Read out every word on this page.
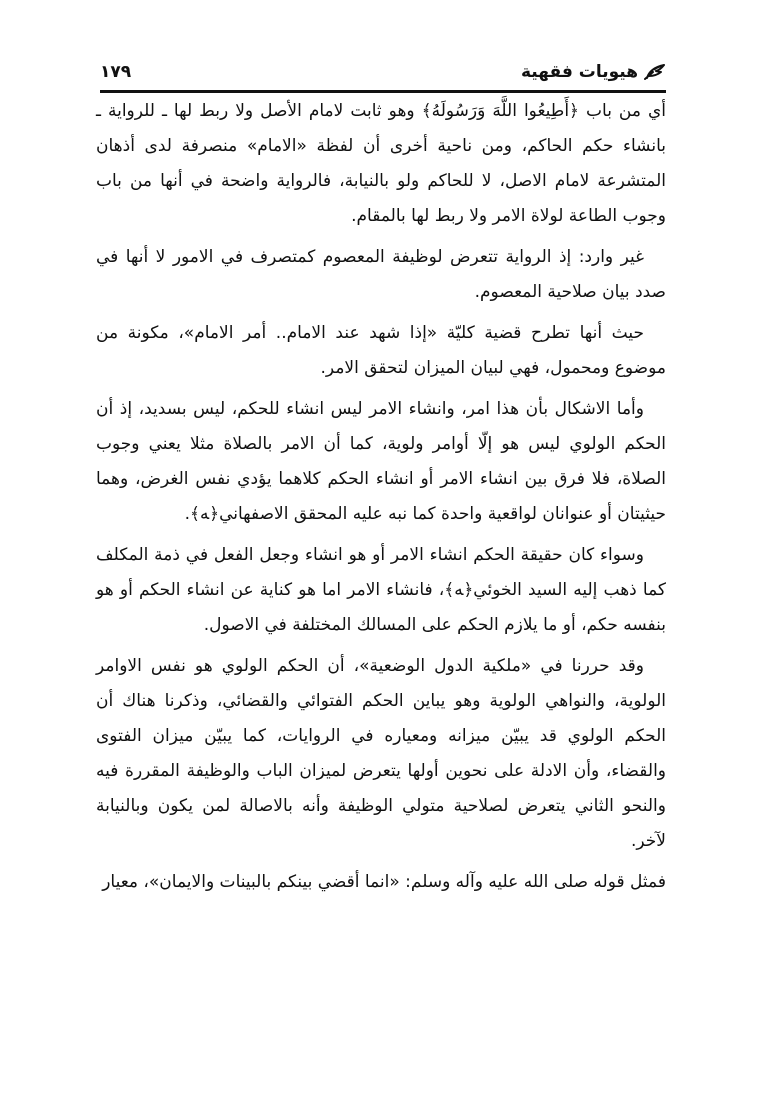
هيويات فقهية
١٧٩

أي من باب ﴿أَطِيعُوا اللَّهَ وَرَسُولَهُ﴾ وهو ثابت لامام الأصل ولا ربط لها ـ للرواية ـ بانشاء حكم الحاكم، ومن ناحية أخرى أن لفظة «الامام» منصرفة لدى أذهان المتشرعة لامام الاصل، لا للحاكم ولو بالنيابة، فالرواية واضحة في أنها من باب وجوب الطاعة لولاة الامر ولا ربط لها بالمقام.

غير وارد: إذ الرواية تتعرض لوظيفة المعصوم كمتصرف في الامور لا أنها في صدد بيان صلاحية المعصوم.

حيث أنها تطرح قضية كليّة «إذا شهد عند الامام.. أمر الامام»، مكونة من موضوع ومحمول، فهي لبيان الميزان لتحقق الامر.

وأما الاشكال بأن هذا امر، وانشاء الامر ليس انشاء للحكم، ليس بسديد، إذ أن الحكم الولوي ليس هو إلّا أوامر ولوية، كما أن الامر بالصلاة مثلا يعني وجوب الصلاة، فلا فرق بين انشاء الامر أو انشاء الحكم كلاهما يؤدي نفس الغرض، وهما حيثيتان أو عنوانان لواقعية واحدة كما نبه عليه المحقق الاصفهاني﴿ﻪ﴾.

وسواء كان حقيقة الحكم انشاء الامر أو هو انشاء وجعل الفعل في ذمة المكلف كما ذهب إليه السيد الخوئي﴿ﻪ﴾، فانشاء الامر اما هو كناية عن انشاء الحكم أو هو بنفسه حكم، أو ما يلازم الحكم على المسالك المختلفة في الاصول.

وقد حررنا في «ملكية الدول الوضعية»، أن الحكم الولوي هو نفس الاوامر الولوية، والنواهي الولوية وهو يباين الحكم الفتوائي والقضائي، وذكرنا هناك أن الحكم الولوي قد يبيّن ميزانه ومعياره في الروايات، كما يبيّن ميزان الفتوى والقضاء، وأن الادلة على نحوين أولها يتعرض لميزان الباب والوظيفة المقررة فيه والنحو الثاني يتعرض لصلاحية متولي الوظيفة وأنه بالاصالة لمن يكون وبالنيابة لآخر.

فمثل قوله صلى الله عليه وآله وسلم: «انما أقضي بينكم بالبينات والايمان»، معيار
